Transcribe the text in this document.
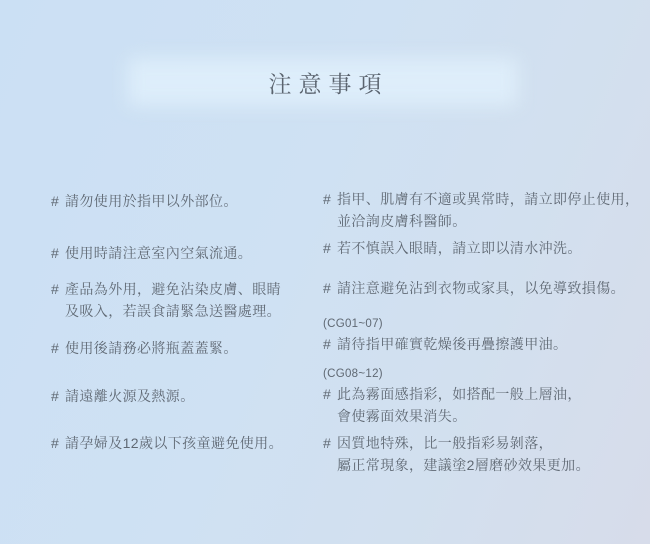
注意事項
# 請勿使用於指甲以外部位。
# 使用時請注意室內空氣流通。
# 產品為外用，避免沾染皮膚、眼睛
及吸入，若誤食請緊急送醫處理。
# 使用後請務必將瓶蓋蓋緊。
# 請遠離火源及熱源。
# 請孕婦及12歲以下孩童避免使用。
# 指甲、肌膚有不適或異常時，請立即停止使用，
並洽詢皮膚科醫師。
# 若不慎誤入眼睛，請立即以清水沖洗。
# 請注意避免沾到衣物或家具，以免導致損傷。
(CG01~07)
# 請待指甲確實乾燥後再疊擦護甲油。
(CG08~12)
# 此為霧面感指彩，如搭配一般上層油，
會使霧面效果消失。
# 因質地特殊，比一般指彩易剝落，
屬正常現象，建議塗2層磨砂效果更加。
